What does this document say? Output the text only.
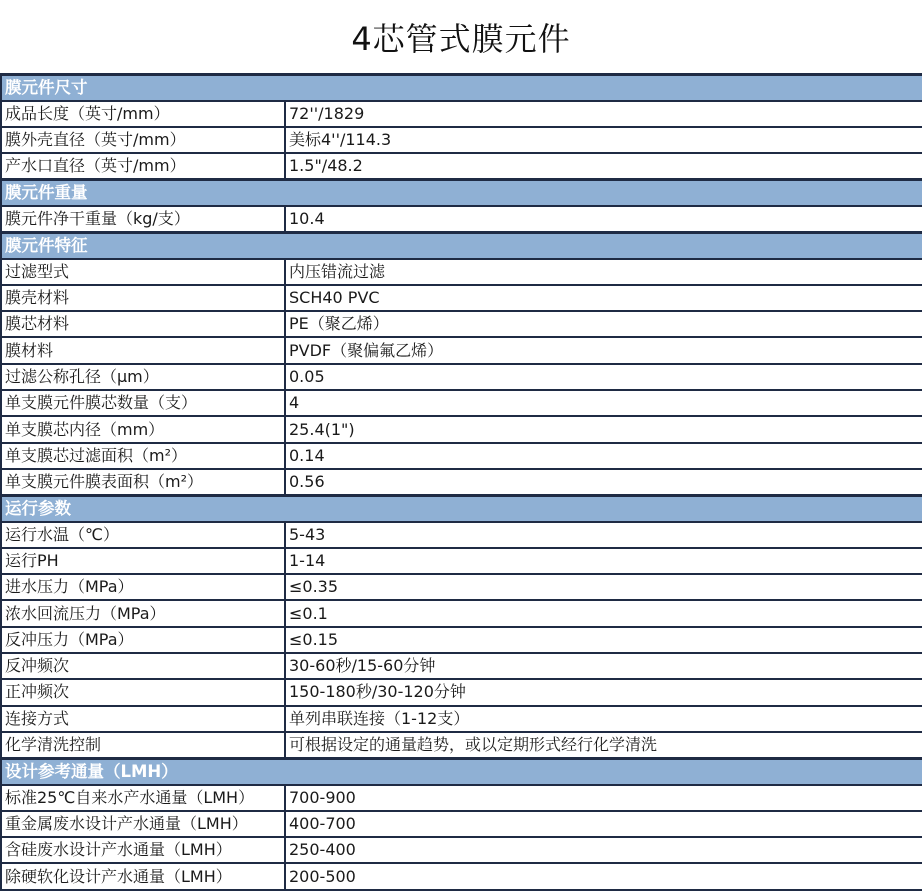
4芯管式膜元件
膜元件尺寸	
成品长度（英寸/mm）	72''/1829
膜外壳直径（英寸/mm）	美标4''/114.3
产水口直径（英寸/mm）	1.5"/48.2
膜元件重量	
膜元件净干重量（kg/支）	10.4
膜元件特征	
过滤型式	内压错流过滤
膜壳材料	SCH40 PVC
膜芯材料	PE（聚乙烯）
膜材料	PVDF（聚偏氟乙烯）
过滤公称孔径（μm）	0.05
单支膜元件膜芯数量（支）	4
单支膜芯内径（mm）	25.4(1")
单支膜芯过滤面积（m²）	0.14
单支膜元件膜表面积（m²）	0.56
运行参数	
运行水温（℃）	5-43
运行PH	1-14
进水压力（MPa）	≤0.35
浓水回流压力（MPa）	≤0.1
反冲压力（MPa）	≤0.15
反冲频次	30-60秒/15-60分钟
正冲频次	150-180秒/30-120分钟
连接方式	单列串联连接（1-12支）
化学清洗控制	可根据设定的通量趋势，或以定期形式经行化学清洗
设计参考通量（LMH）	
标准25℃自来水产水通量（LMH）	700-900
重金属废水设计产水通量（LMH）	400-700
含硅废水设计产水通量（LMH）	250-400
除硬软化设计产水通量（LMH）	200-500
